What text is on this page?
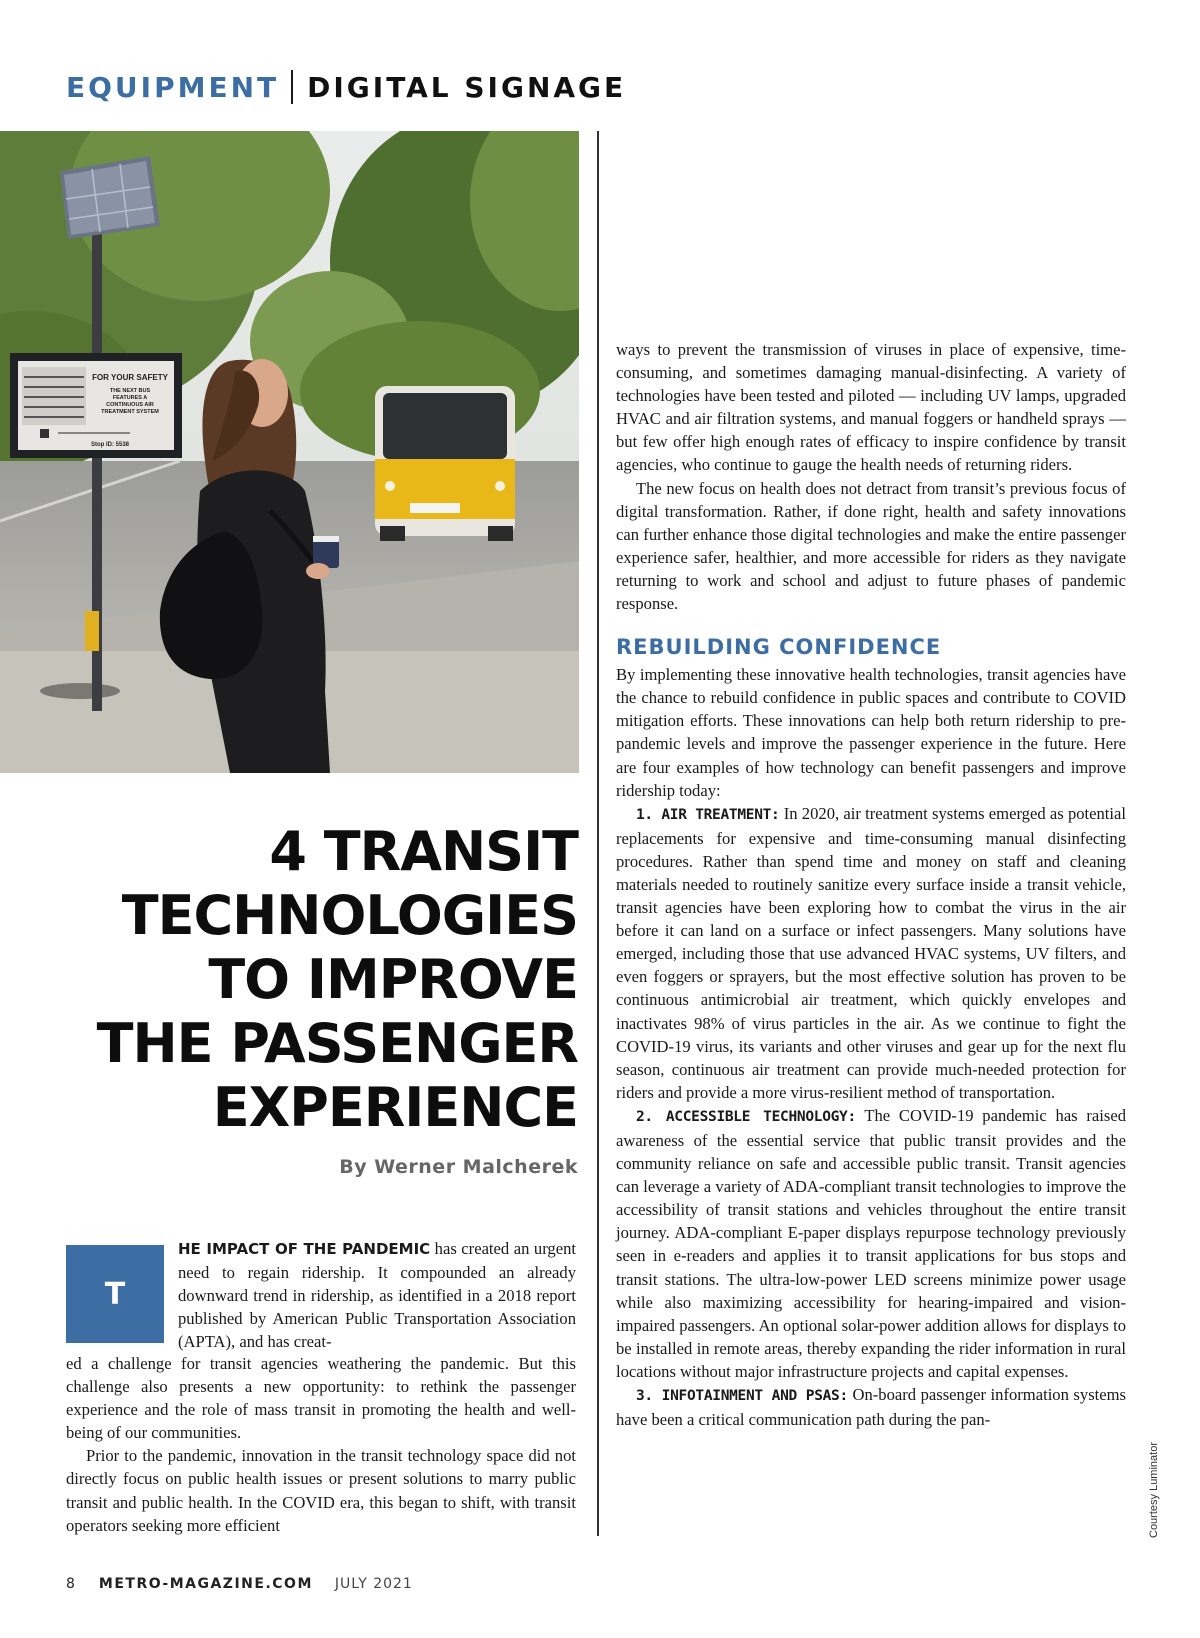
EQUIPMENT DIGITAL SIGNAGE
FOR YOUR SAFETY
THE NEXT BUS
FEATURES A
CONTINUOUS AIR
TREATMENT SYSTEM
Stop ID: 5538
4 TRANSIT
TECHNOLOGIES
TO IMPROVE
THE PASSENGER
EXPERIENCE
By Werner Malcherek
T

HE IMPACT OF THE PANDEMIC has created an urgent need to regain ridership. It compounded an already downward trend in ridership, as identified in a 2018 report published by American Public Transportation Association (APTA), and has creat-

ed a challenge for transit agencies weathering the pandemic. But this challenge also presents a new opportunity: to rethink the passenger experience and the role of mass transit in promoting the health and well-being of our communities.

Prior to the pandemic, innovation in the transit technology space did not directly focus on public health issues or present solutions to marry public transit and public health. In the COVID era, this began to shift, with transit operators seeking more efficient

ways to prevent the transmission of viruses in place of expensive, time-consuming, and sometimes damaging manual-disinfecting. A variety of technologies have been tested and piloted — including UV lamps, upgraded HVAC and air filtration systems, and manual foggers or handheld sprays — but few offer high enough rates of efficacy to inspire confidence by transit agencies, who continue to gauge the health needs of returning riders.

The new focus on health does not detract from transit’s previous focus of digital transformation. Rather, if done right, health and safety innovations can further enhance those digital technologies and make the entire passenger experience safer, healthier, and more accessible for riders as they navigate returning to work and school and adjust to future phases of pandemic response.

REBUILDING CONFIDENCE

By implementing these innovative health technologies, transit agencies have the chance to rebuild confidence in public spaces and contribute to COVID mitigation efforts. These innovations can help both return ridership to pre-pandemic levels and improve the passenger experience in the future. Here are four examples of how technology can benefit passengers and improve ridership today:

1. AIR TREATMENT: In 2020, air treatment systems emerged as potential replacements for expensive and time-consuming manual disinfecting procedures. Rather than spend time and money on staff and cleaning materials needed to routinely sanitize every surface inside a transit vehicle, transit agencies have been exploring how to combat the virus in the air before it can land on a surface or infect passengers. Many solutions have emerged, including those that use advanced HVAC systems, UV filters, and even foggers or sprayers, but the most effective solution has proven to be continuous antimicrobial air treatment, which quickly envelopes and inactivates 98% of virus particles in the air. As we continue to fight the COVID-19 virus, its variants and other viruses and gear up for the next flu season, continuous air treatment can provide much-needed protection for riders and provide a more virus-resilient method of transportation.

2. ACCESSIBLE TECHNOLOGY: The COVID-19 pandemic has raised awareness of the essential service that public transit provides and the community reliance on safe and accessible public transit. Transit agencies can leverage a variety of ADA-compliant transit technologies to improve the accessibility of transit stations and vehicles throughout the entire transit journey. ADA-compliant E-paper displays repurpose technology previously seen in e-readers and applies it to transit applications for bus stops and transit stations. The ultra-low-power LED screens minimize power usage while also maximizing accessibility for hearing-impaired and vision-impaired passengers. An optional solar-power addition allows for displays to be installed in remote areas, thereby expanding the rider information in rural locations without major infrastructure projects and capital expenses.

3. INFOTAINMENT AND PSAS: On-board passenger information systems have been a critical communication path during the pan-

Courtesy Luminator
8 METRO-MAGAZINE.COM JULY 2021
